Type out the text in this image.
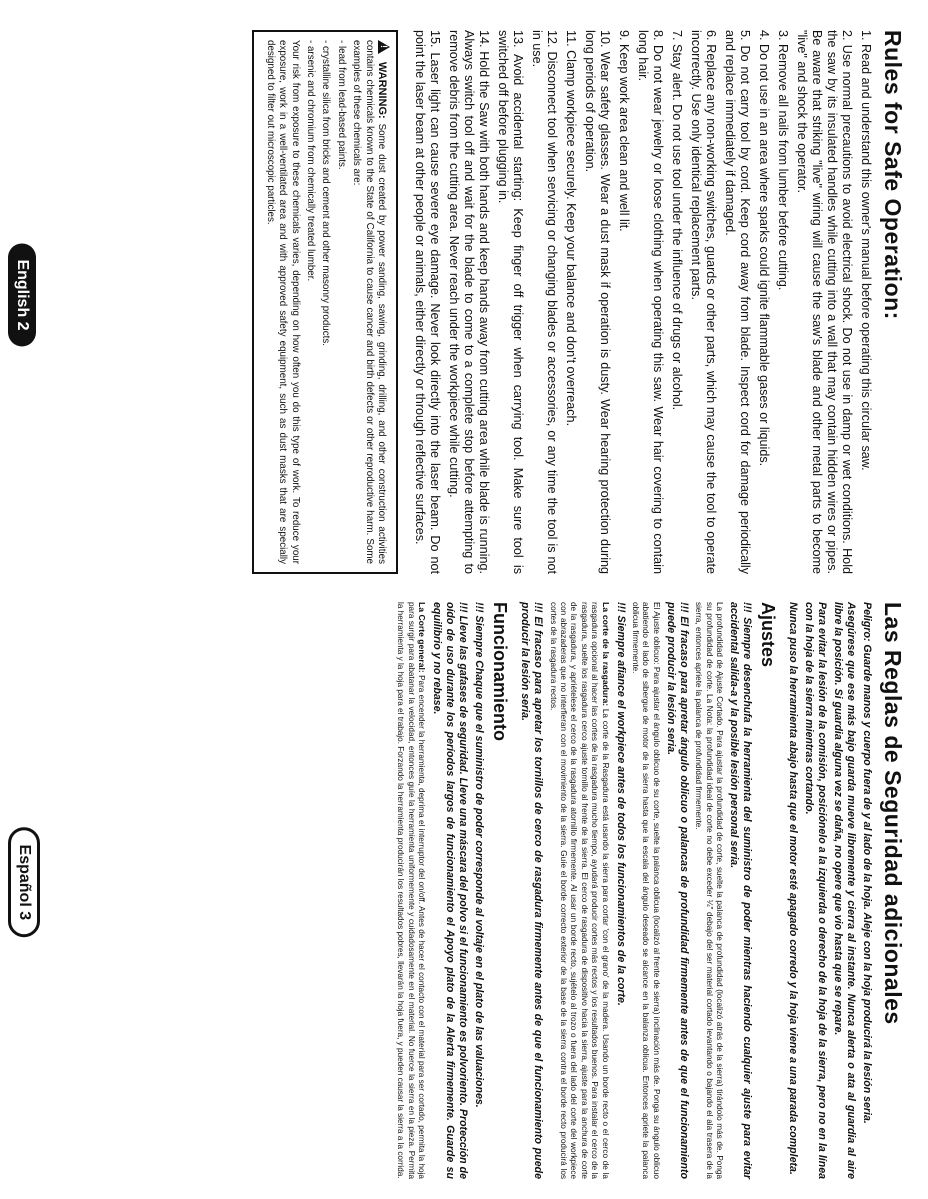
Rules for Safe Operation:

1. Read and understand this owner's manual before operating this circular saw.

2. Use normal precautions to avoid electrical shock. Do not use in damp or wet conditions. Hold the saw by its insulated handles while cutting into a wall that may contain hidden wires or pipes. Be aware that striking "live" wiring will cause the saw's blade and other metal parts to become "live" and shock the operator.

3. Remove all nails from lumber before cutting.

4. Do not use in an area where sparks could ignite flammable gases or liquids.

5. Do not carry tool by cord. Keep cord away from blade. Inspect cord for damage periodically and replace immediately if damaged.

6. Replace any non-working switches, guards or other parts, which may cause the tool to operate incorrectly. Use only identical replacement parts.

7. Stay alert. Do not use tool under the influence of drugs or alcohol.

8. Do not wear jewelry or loose clothing when operating this saw. Wear hair covering to contain long hair.

9. Keep work area clean and well lit.

10. Wear safety glasses. Wear a dust mask if operation is dusty. Wear hearing protection during long periods of operation.

11. Clamp workpiece securely. Keep your balance and don't overreach.

12. Disconnect tool when servicing or changing blades or accessories, or any time the tool is not in use.

13. Avoid accidental starting: Keep finger off trigger when carrying tool. Make sure tool is switched off before plugging in.

14. Hold the Saw with both hands and keep hands away from cutting area while blade is running. Always switch tool off and wait for the blade to come to a complete stop before attempting to remove debris from the cutting area. Never reach under the workpiece while cutting.

15. Laser light can cause severe eye damage. Never look directly into the laser beam. Do not point the laser beam at other people or animals, either directly or through reflective surfaces.

!
WARNING: Some dust created by power sanding, sawing, grinding, drilling, and other construction activities contains chemicals known to the State of California to cause cancer and birth defects or other reproductive harm. Some examples of these chemicals are:

- lead from lead-based paints.

- crystalline silica from bricks and cement and other masonry products.

- arsenic and chromium from chemically treated lumber.

Your risk from exposure to these chemicals varies, depending on how often you do this type of work. To reduce your exposure, work in a well-ventilated area and with approved safety equipment, such as dust masks that are specially designed to filter out microscopic particles.

English 2
Las Reglas de Seguridad adicionales

Peligro: Guarde manos y cuerpo fuera de y al lado de la hoja. Aleje con la hoja producirá la lesión seria.

Asegúrese que ese más bajo guarda mueve libremente y cierra al instante. Nunca alerta o ata al guardia al aire libre la posición. Si guardia alguna vez se daña, no opere que vio hasta que se repare.

Para evitar la lesión de la comisión, posiciónelo a la izquierda o derecho de la hoja de la sierra, pero no en la línea con la hoja de la sierra mientras cortando.

Nunca puso la herramienta abajo hasta que el motor esté apagado corredo y la hoja viene a una parada completa.

Ajustes

!!! Siempre desenchufa la herramienta del suministro de poder mientras haciendo cualquier ajuste para evitar accidental salida-a y la posible lesión personal seria.

La profundidad de Ajuste Cortado. Para ajustar la profundidad de corte, suelte la palanca de profundidad (localizó atrás de la sierra) tirándolo más de. Ponga su profundidad de corte. La Nota: la profundidad ideal de corte no debe exceder ¼" debajo del ser material cortado levantando o bajando el ala trasera de la sierra, entonces apriete la palanca de profundidad firmemente.

!!! El fracaso para apretar ángulo oblicuo o palancas de profundidad firmemente antes de que el funcionamiento puede producir la lesión seria.

El Ajuste oblicuo: Para ajustar el ángulo oblicuo de su corte, suelte la palanca oblicua (localizó al frente de sierra) inclinación más de. Ponga su ángulo oblicuo abatiendo el lado de sibergue de motor de la sierra hasta que la escala del ángulo deseado se alcance en la balanza oblicua. Entonces apriete la palanca oblicua firmemente.

!!! Siempre afiance el workpiece antes de todos los funcionamientos de la corte.

La corte de la rasgadura: La corte de la Rasgadura está usando la sierra para cortar 'con el grano' de la madera. Usando un borde recto o el cerco de la rasgadura opcional al hacer las cortes de la rasgadura mucho tiempo, ayudará producir cortes más rectos y los resultados buenos. Para instalar el cerco de la rasgadura, suelte los rasgadura cerco ajuste tornillo al frente de la sierra. El cerco de rasgadura de dispositivo hacia la sierra, ajuste para la anchura de corte de la rasgadura, y apriételese el cerco de la rasgadura atornillo firmemente. Al usar un borde recto, sujételo al trozo o fuera del lado del corte del workpiece con abrazaderas que no interfieran con el movimiento de la sierra. Guíe el borde correcto exterior de la base de la sierra contra el borde recto producirá los cortes de la rasgadura rectos.

!!! El fracaso para apretar los tornillos de cerco de rasgadura firmemente antes de que el funcionamiento puede producir la lesión seria.

Funcionamiento

!!! Siempre Chaque que el suministro de poder corresponde al voltaje en el plato de las valuaciones.

!!! Lleve las gafases de seguridad. Lleve una máscara del polvo si el funcionamiento es polvoriento. Protección de oído de uso durante los períodos largos de funcionamiento el Apoyo plato de la Alerta firmemente. Guarde su equilibrio y no rebase.

La Corte general: Para encender la herramienta, deprima el interruptor del on/off. Antes de hacer el contacto con el material para ser cortado, permita la hoja para surgir para abatanar la velocidad, entonces guíe la herramienta uniformemente y cuidadosamente en el material. No fuerce la sierra en la pieza. Permita la herramienta y la hoja para el trabajo. Forzando la herramienta producirán los resultados pobres, llevarán la hoja fuera, y pueden causar la sierra a la corrida.

Español 3
